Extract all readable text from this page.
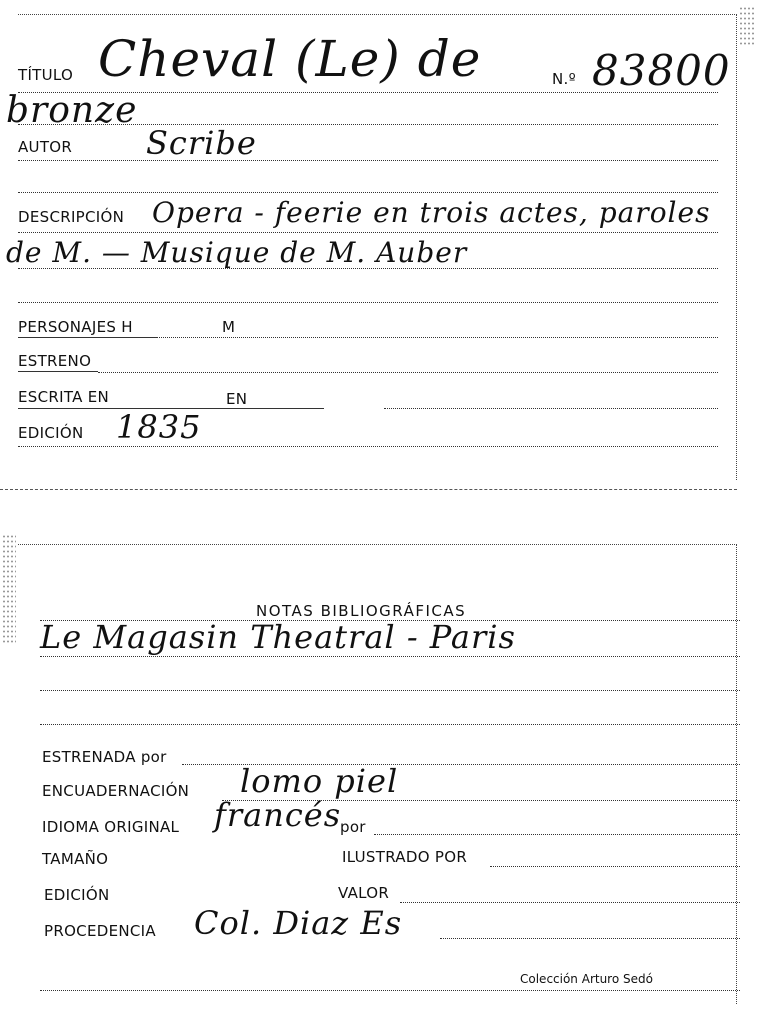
TÍTULO Cheval (Le) de	N.º 83800
bronze
AUTOR Scribe
DESCRIPCIÓN Opera - feerie en trois actes, paroles
de M. — Musique de M. Auber
PERSONAJES H	M
ESTRENO
ESCRITA EN	EN
EDICIÓN 1835
NOTAS BIBLIOGRÁFICAS
Le Magasin Theatral - Paris
ESTRENADA por
ENCUADERNACIÓN lomo piel
IDIOMA ORIGINAL francés
por
TAMAÑO	ILUSTRADO POR
EDICIÓN	VALOR
PROCEDENCIA Col. Diaz Es
Colección Arturo Sedó
